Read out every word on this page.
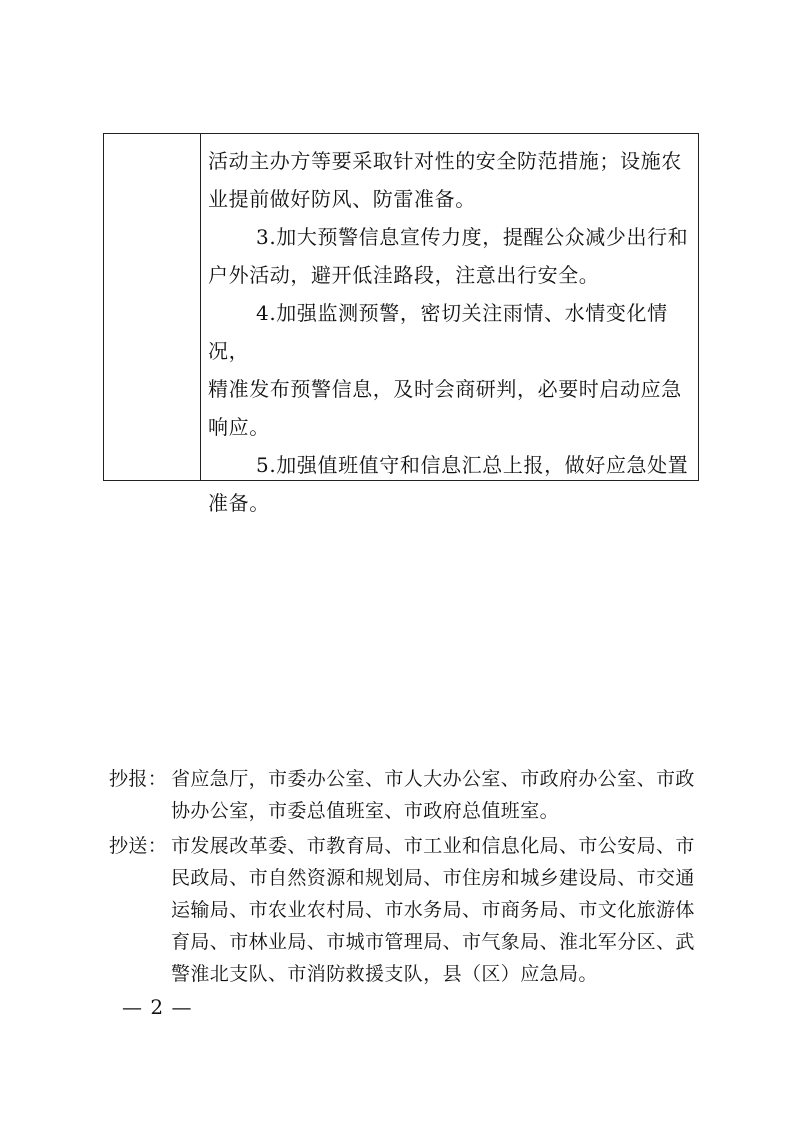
活动主办方等要采取针对性的安全防范措施；设施农

业提前做好防风、防雷准备。

3.加大预警信息宣传力度，提醒公众减少出行和

户外活动，避开低洼路段，注意出行安全。

4.加强监测预警，密切关注雨情、水情变化情况，

精准发布预警信息，及时会商研判，必要时启动应急

响应。

5.加强值班值守和信息汇总上报，做好应急处置

准备。

抄报： 省应急厅，市委办公室、市人大办公室、市政府办公室、市政
协办公室，市委总值班室、市政府总值班室。
抄送： 市发展改革委、市教育局、市工业和信息化局、市公安局、市
民政局、市自然资源和规划局、市住房和城乡建设局、市交通
运输局、市农业农村局、市水务局、市商务局、市文化旅游体
育局、市林业局、市城市管理局、市气象局、淮北军分区、武
警淮北支队、市消防救援支队，县（区）应急局。
— 2 —
